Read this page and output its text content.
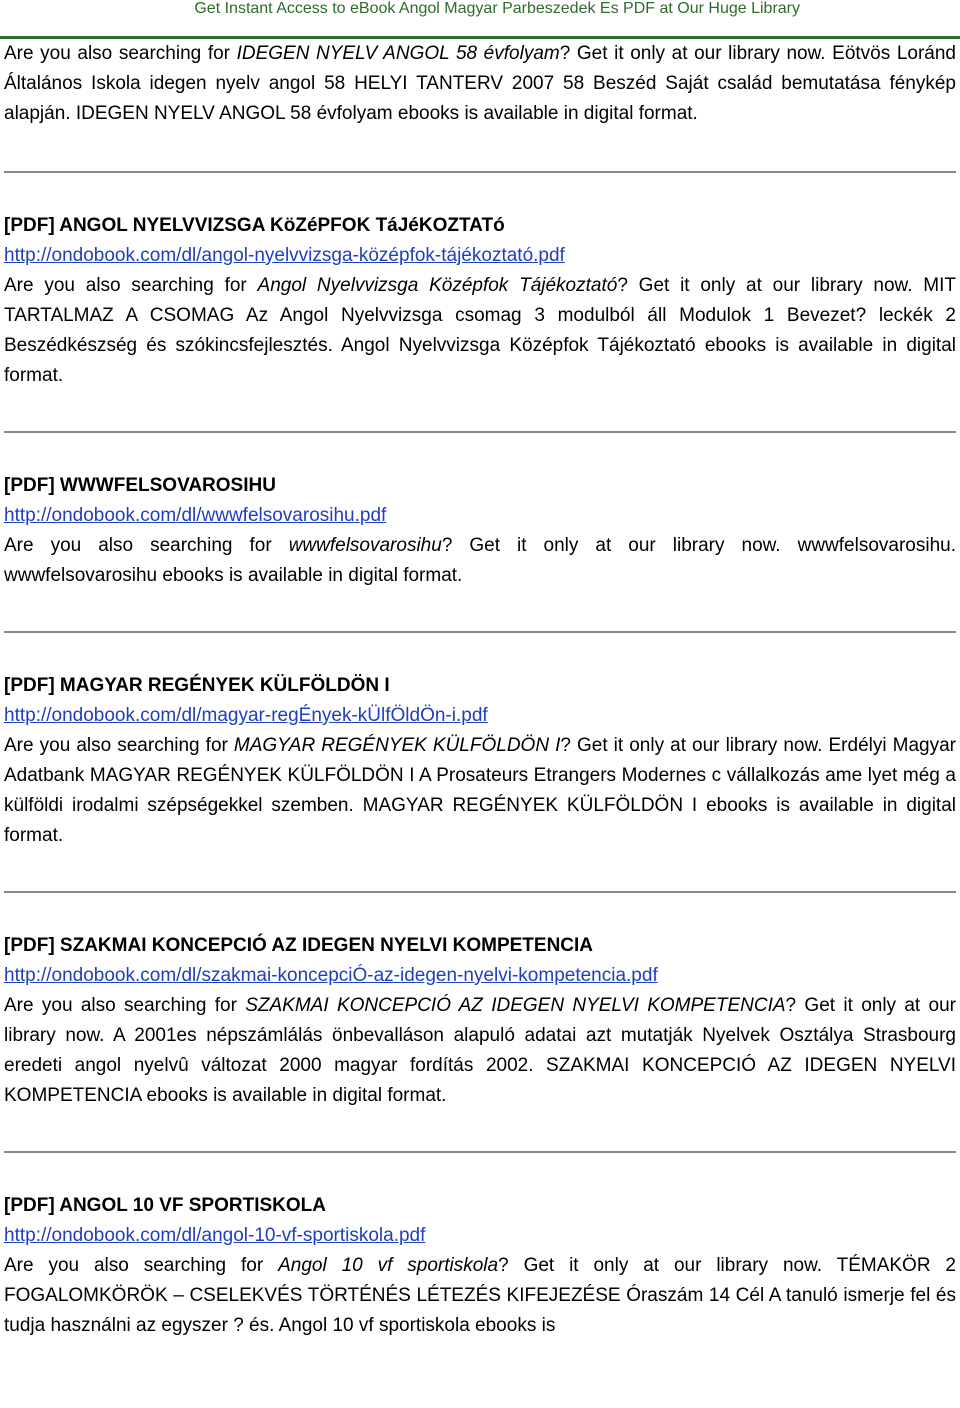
Get Instant Access to eBook Angol Magyar Parbeszedek Es PDF at Our Huge Library

Are you also searching for IDEGEN NYELV ANGOL 58 évfolyam? Get it only at our library now. Eötvös Loránd Általános Iskola idegen nyelv angol 58 HELYI TANTERV 2007 58 Beszéd Saját család bemutatása fénykép alapján. IDEGEN NYELV ANGOL 58 évfolyam ebooks is available in digital format.

[PDF] ANGOL NYELVVIZSGA KöZéPFOK TáJéKOZTATó

http://ondobook.com/dl/angol-nyelvvizsga-középfok-tájékoztató.pdf

Are you also searching for Angol Nyelvvizsga Középfok Tájékoztató? Get it only at our library now. MIT TARTALMAZ A CSOMAG Az Angol Nyelvvizsga csomag 3 modulból áll Modulok 1 Bevezet? leckék 2 Beszédkészség és szókincsfejlesztés. Angol Nyelvvizsga Középfok Tájékoztató ebooks is available in digital format.

[PDF] WWWFELSOVAROSIHU

http://ondobook.com/dl/wwwfelsovarosihu.pdf

Are you also searching for wwwfelsovarosihu? Get it only at our library now. wwwfelsovarosihu. wwwfelsovarosihu ebooks is available in digital format.

[PDF] MAGYAR REGÉNYEK KÜLFÖLDÖN I

http://ondobook.com/dl/magyar-regÉnyek-kÜlfÖldÖn-i.pdf

Are you also searching for MAGYAR REGÉNYEK KÜLFÖLDÖN I? Get it only at our library now. Erdélyi Magyar Adatbank MAGYAR REGÉNYEK KÜLFÖLDÖN I A Prosateurs Etrangers Modernes c vállalkozás ame lyet még a külföldi irodalmi szépségekkel szemben. MAGYAR REGÉNYEK KÜLFÖLDÖN I ebooks is available in digital format.

[PDF] SZAKMAI KONCEPCIÓ AZ IDEGEN NYELVI KOMPETENCIA

http://ondobook.com/dl/szakmai-koncepciÓ-az-idegen-nyelvi-kompetencia.pdf

Are you also searching for SZAKMAI KONCEPCIÓ AZ IDEGEN NYELVI KOMPETENCIA? Get it only at our library now. A 2001es népszámlálás önbevalláson alapuló adatai azt mutatják Nyelvek Osztálya Strasbourg eredeti angol nyelvû változat 2000 magyar fordítás 2002. SZAKMAI KONCEPCIÓ AZ IDEGEN NYELVI KOMPETENCIA ebooks is available in digital format.

[PDF] ANGOL 10 VF SPORTISKOLA

http://ondobook.com/dl/angol-10-vf-sportiskola.pdf

Are you also searching for Angol 10 vf sportiskola? Get it only at our library now. TÉMAKÖR 2 FOGALOMKÖRÖK – CSELEKVÉS TÖRTÉNÉS LÉTEZÉS KIFEJEZÉSE Óraszám 14 Cél A tanuló ismerje fel és tudja használni az egyszer ? és. Angol 10 vf sportiskola ebooks is
